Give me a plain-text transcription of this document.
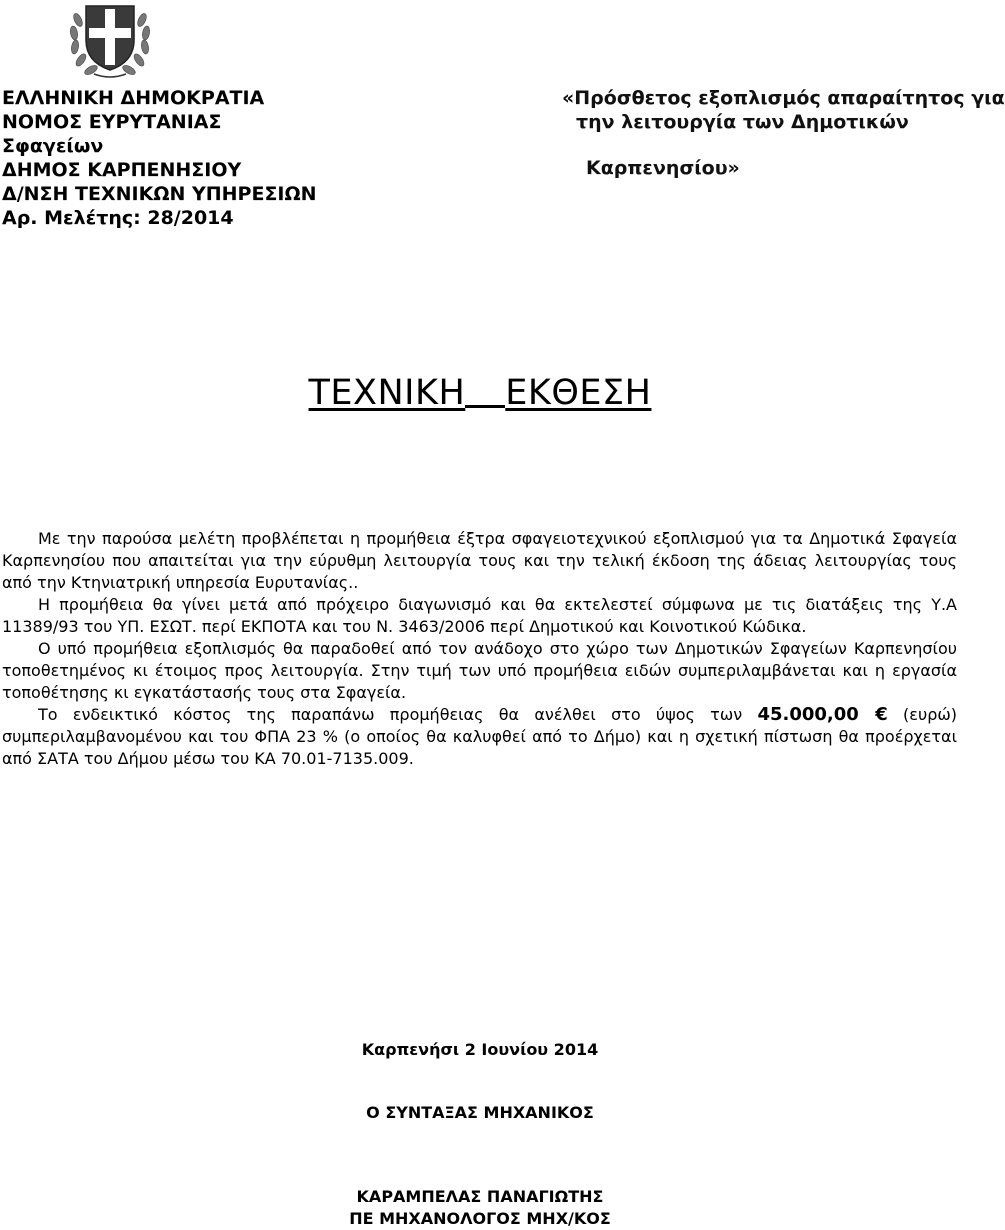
ΕΛΛΗΝΙΚΗ ΔΗΜΟΚΡΑΤΙΑ
ΝΟΜΟΣ ΕΥΡΥΤΑΝΙΑΣ
Σφαγείων
ΔΗΜΟΣ ΚΑΡΠΕΝΗΣΙΟΥ
Δ/ΝΣΗ ΤΕΧΝΙΚΩΝ ΥΠΗΡΕΣΙΩΝ
Αρ. Μελέτης: 28/2014
«Πρόσθετος εξοπλισμός απαραίτητος για
την λειτουργία των Δημοτικών
Καρπενησίου»
ΤΕΧΝΙΚΗ ΕΚΘΕΣΗ

Με την παρούσα μελέτη προβλέπεται η προμήθεια έξτρα σφαγειοτεχνικού εξοπλισμού για τα Δημοτικά Σφαγεία Καρπενησίου που απαιτείται για την εύρυθμη λειτουργία τους και την τελική έκδοση της άδειας λειτουργίας τους από την Κτηνιατρική υπηρεσία Ευρυτανίας..

Η προμήθεια θα γίνει μετά από πρόχειρο διαγωνισμό και θα εκτελεστεί σύμφωνα με τις διατάξεις της Υ.Α 11389/93 του ΥΠ. ΕΣΩΤ. περί ΕΚΠΟΤΑ και του Ν. 3463/2006 περί Δημοτικού και Κοινοτικού Κώδικα.

Ο υπό προμήθεια εξοπλισμός θα παραδοθεί από τον ανάδοχο στο χώρο των Δημοτικών Σφαγείων Καρπενησίου τοποθετημένος κι έτοιμος προς λειτουργία. Στην τιμή των υπό προμήθεια ειδών συμπεριλαμβάνεται και η εργασία τοποθέτησης κι εγκατάστασής τους στα Σφαγεία.

Το ενδεικτικό κόστος της παραπάνω προμήθειας θα ανέλθει στο ύψος των 45.000,00 € (ευρώ) συμπεριλαμβανομένου και του ΦΠΑ 23 % (ο οποίος θα καλυφθεί από το Δήμο) και η σχετική πίστωση θα προέρχεται από ΣΑΤΑ του Δήμου μέσω του ΚΑ 70.01-7135.009.

Καρπενήσι 2 Ιουνίου 2014
Ο ΣΥΝΤΑΞΑΣ ΜΗΧΑΝΙΚΟΣ
ΚΑΡΑΜΠΕΛΑΣ ΠΑΝΑΓΙΩΤΗΣ
ΠΕ ΜΗΧΑΝΟΛΟΓΟΣ ΜΗΧ/ΚΟΣ
